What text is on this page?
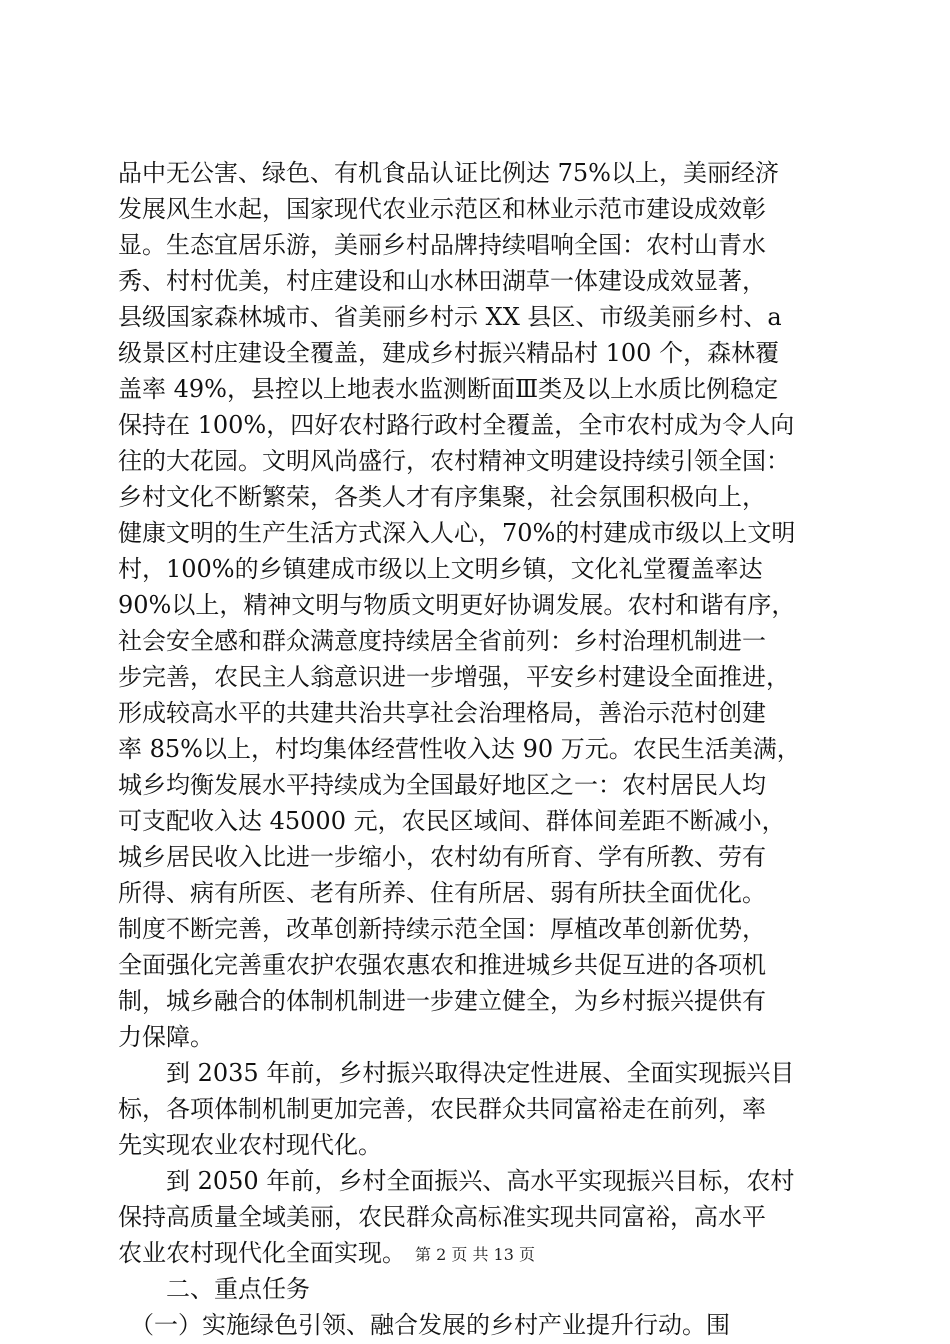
品中无公害、绿色、有机食品认证比例达 75%以上，美丽经济
发展风生水起，国家现代农业示范区和林业示范市建设成效彰
显。生态宜居乐游，美丽乡村品牌持续唱响全国：农村山青水
秀、村村优美，村庄建设和山水林田湖草一体建设成效显著，
县级国家森林城市、省美丽乡村示 XX 县区、市级美丽乡村、a
级景区村庄建设全覆盖，建成乡村振兴精品村 100 个，森林覆
盖率 49%，县控以上地表水监测断面Ⅲ类及以上水质比例稳定
保持在 100%，四好农村路行政村全覆盖，全市农村成为令人向
往的大花园。文明风尚盛行，农村精神文明建设持续引领全国：
乡村文化不断繁荣，各类人才有序集聚，社会氛围积极向上，
健康文明的生产生活方式深入人心，70%的村建成市级以上文明
村，100%的乡镇建成市级以上文明乡镇，文化礼堂覆盖率达
90%以上，精神文明与物质文明更好协调发展。农村和谐有序，
社会安全感和群众满意度持续居全省前列：乡村治理机制进一
步完善，农民主人翁意识进一步增强，平安乡村建设全面推进，
形成较高水平的共建共治共享社会治理格局，善治示范村创建
率 85%以上，村均集体经营性收入达 90 万元。农民生活美满，
城乡均衡发展水平持续成为全国最好地区之一：农村居民人均
可支配收入达 45000 元，农民区域间、群体间差距不断减小，
城乡居民收入比进一步缩小，农村幼有所育、学有所教、劳有
所得、病有所医、老有所养、住有所居、弱有所扶全面优化。
制度不断完善，改革创新持续示范全国：厚植改革创新优势，
全面强化完善重农护农强农惠农和推进城乡共促互进的各项机
制，城乡融合的体制机制进一步建立健全，为乡村振兴提供有
力保障。
　　到 2035 年前，乡村振兴取得决定性进展、全面实现振兴目
标，各项体制机制更加完善，农民群众共同富裕走在前列，率
先实现农业农村现代化。
　　到 2050 年前，乡村全面振兴、高水平实现振兴目标，农村
保持高质量全域美丽，农民群众高标准实现共同富裕，高水平
农业农村现代化全面实现。
　　二、重点任务
　（一）实施绿色引领、融合发展的乡村产业提升行动。围
第 2 页 共 13 页
